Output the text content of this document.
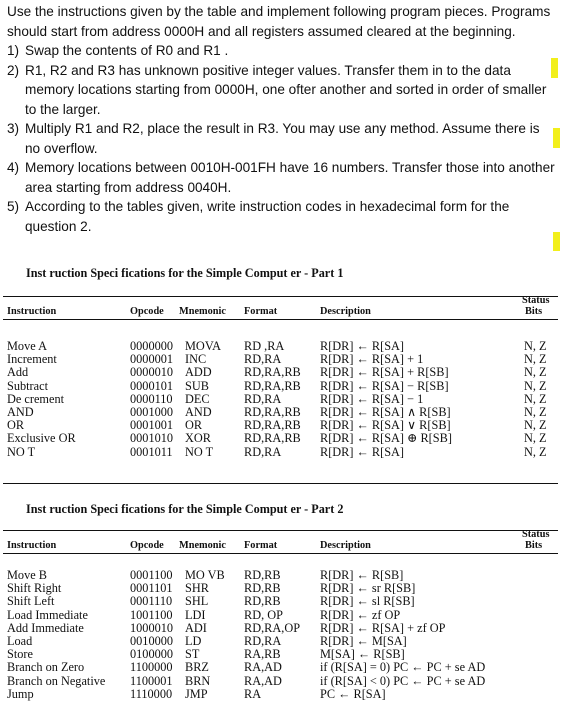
Use the instructions given by the table and implement following program pieces. Programs should start from address 0000H and all registers assumed cleared at the beginning.

1) Swap the contents of R0 and R1 .
2) R1, R2 and R3 has unknown positive integer values. Transfer them in to the data memory locations starting from 0000H, one ofter another and sorted in order of smaller to the larger.
3) Multiply R1 and R2, place the result in R3. You may use any method. Assume there is no overflow.
4) Memory locations between 0010H-001FH have 16 numbers. Transfer those into another area starting from address 0040H.
5) According to the tables given, write instruction codes in hexadecimal form for the question 2.
Inst ruction Speci fications for the Simple Comput er - Part 1
Instruction	Opcode Mnemonic Format	Description
Status
Bits
Move A	0000000 MOVA RD ,RA	R[DR] ← R[SA]	N, Z
Increment	0000001 INC	RD,RA	R[DR] ← R[SA] + 1	N, Z
Add	0000010 ADD	RD,RA,RB R[DR] ← R[SA] + R[SB]	N, Z
Subtract	0000101 SUB	RD,RA,RB R[DR] ← R[SA] − R[SB]	N, Z
De crement	0000110 DEC	RD,RA	R[DR] ← R[SA] − 1	N, Z
AND	0001000 AND	RD,RA,RB R[DR] ← R[SA] ∧ R[SB]	N, Z
OR	0001001 OR	RD,RA,RB R[DR] ← R[SA] ∨ R[SB]	N, Z
Exclusive OR	0001010 XOR	RD,RA,RB R[DR] ← R[SA] ⊕ R[SB]	N, Z
NO T	0001011 NO T	RD,RA	R[DR] ← R[SA]	N, Z
Inst ruction Speci fications for the Simple Comput er - Part 2
Instruction	Opcode Mnemonic Format	Description
Status
Bits
Move B	0001100 MO VB RD,RB	R[DR] ← R[SB]
Shift Right	0001101 SHR	RD,RB	R[DR] ← sr R[SB]
Shift Left	0001110 SHL	RD,RB	R[DR] ← sl R[SB]
Load Immediate	1001100 LDI	RD, OP	R[DR] ← zf OP
Add Immediate	1000010 ADI	RD,RA,OP R[DR] ← R[SA] + zf OP
Load	0010000 LD	RD,RA	R[DR] ← M[SA]
Store	0100000 ST	RA,RB	M[SA] ← R[SB]
Branch on Zero	1100000 BRZ	RA,AD	if (R[SA] = 0) PC ← PC + se AD
Branch on Negative 1100001 BRN	RA,AD	if (R[SA] < 0) PC ← PC + se AD
Jump	1110000 JMP	RA	PC ← R[SA]
